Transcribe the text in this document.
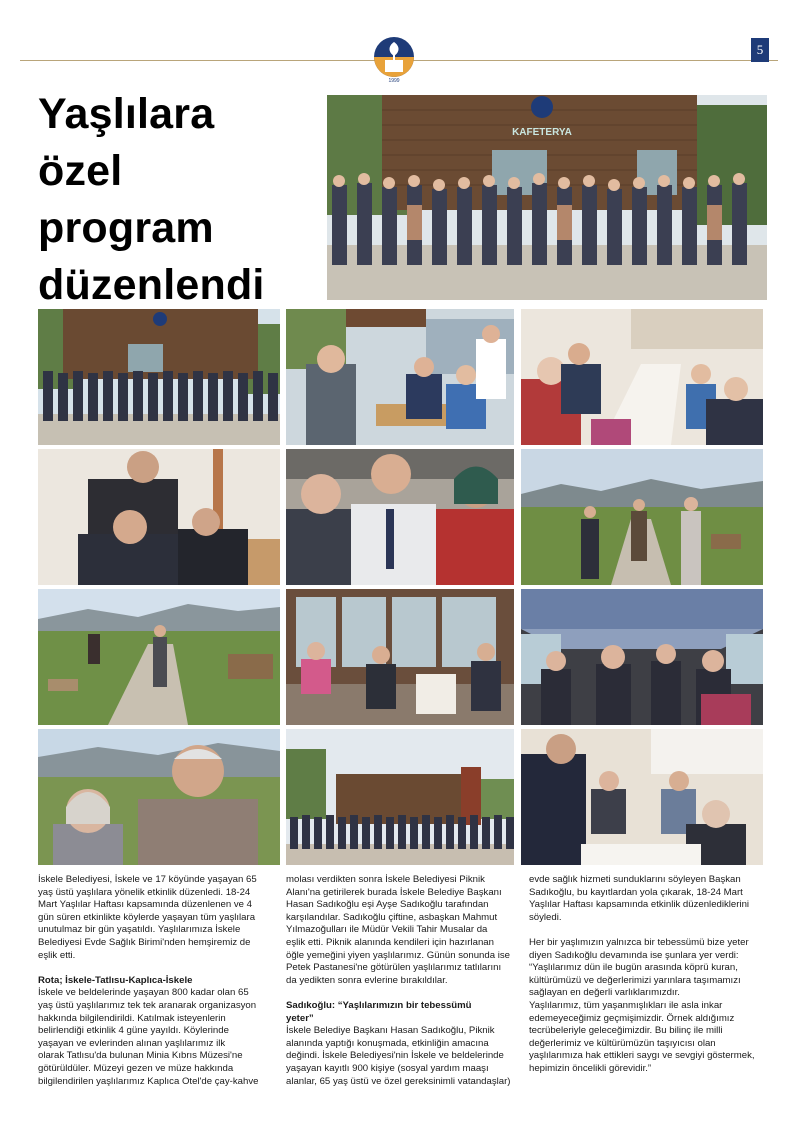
1999
5
Yaşlılara
özel
program
düzenlendi
KAFETERYA

İskele Belediyesi, İskele ve 17 köyünde yaşayan 65
yaş üstü yaşlılara yönelik etkinlik düzenledi. 18-24
Mart Yaşlılar Haftası kapsamında düzenlenen ve 4
gün süren etkinlikte köylerde yaşayan tüm yaşlılara
unutulmaz bir gün yaşatıldı. Yaşlılarımıza İskele
Belediyesi Evde Sağlık Birimi'nden hemşiremiz de
eşlik etti.

Rota; İskele-Tatlısu-Kaplıca-İskele

İskele ve beldelerinde yaşayan 800 kadar olan 65
yaş üstü yaşlılarımız tek tek aranarak organizasyon
hakkında bilgilendirildi. Katılmak isteyenlerin
belirlendiği etkinlik 4 güne yayıldı. Köylerinde
yaşayan ve evlerinden alınan yaşlılarımız ilk
olarak Tatlısu'da bulunan Minia Kıbrıs Müzesi'ne
götürüldüler. Müzeyi gezen ve müze hakkında
bilgilendirilen yaşlılarımız Kaplıca Otel'de çay-kahve

molası verdikten sonra İskele Belediyesi Piknik
Alanı'na getirilerek burada İskele Belediye Başkanı
Hasan Sadıkoğlu eşi Ayşe Sadıkoğlu tarafından
karşılandılar. Sadıkoğlu çiftine, asbaşkan Mahmut
Yılmazoğulları ile Müdür Vekili Tahir Musalar da
eşlik etti. Piknik alanında kendileri için hazırlanan
öğle yemeğini yiyen yaşlılarımız. Günün sonunda ise
Petek Pastanesi'ne götürülen yaşlılarımız tatlılarını
da yedikten sonra evlerine bırakıldılar.

Sadıkoğlu: “Yaşlılarımızın bir tebessümü
yeter”

İskele Belediye Başkanı Hasan Sadıkoğlu, Piknik
alanında yaptığı konuşmada, etkinliğin amacına
değindi. İskele Belediyesi'nin İskele ve beldelerinde
yaşayan kayıtlı 900 kişiye (sosyal yardım maaşı
alanlar, 65 yaş üstü ve özel gereksinimli vatandaşlar)

evde sağlık hizmeti sunduklarını söyleyen Başkan
Sadıkoğlu, bu kayıtlardan yola çıkarak, 18-24 Mart
Yaşlılar Haftası kapsamında etkinlik düzenlediklerini
söyledi.

Her bir yaşlımızın yalnızca bir tebessümü bize yeter
diyen Sadıkoğlu devamında ise şunlara yer verdi:
“Yaşlılarımız dün ile bugün arasında köprü kuran,
kültürümüzü ve değerlerimizi yarınlara taşımamızı
sağlayan en değerli varlıklarımızdır.
Yaşlılarımız, tüm yaşanmışlıkları ile asla inkar
edemeyeceğimiz geçmişimizdir. Örnek aldığımız
tecrübeleriyle geleceğimizdir. Bu bilinç ile milli
değerlerimiz ve kültürümüzün taşıyıcısı olan
yaşlılarımıza hak ettikleri saygı ve sevgiyi göstermek,
hepimizin öncelikli görevidir.”
